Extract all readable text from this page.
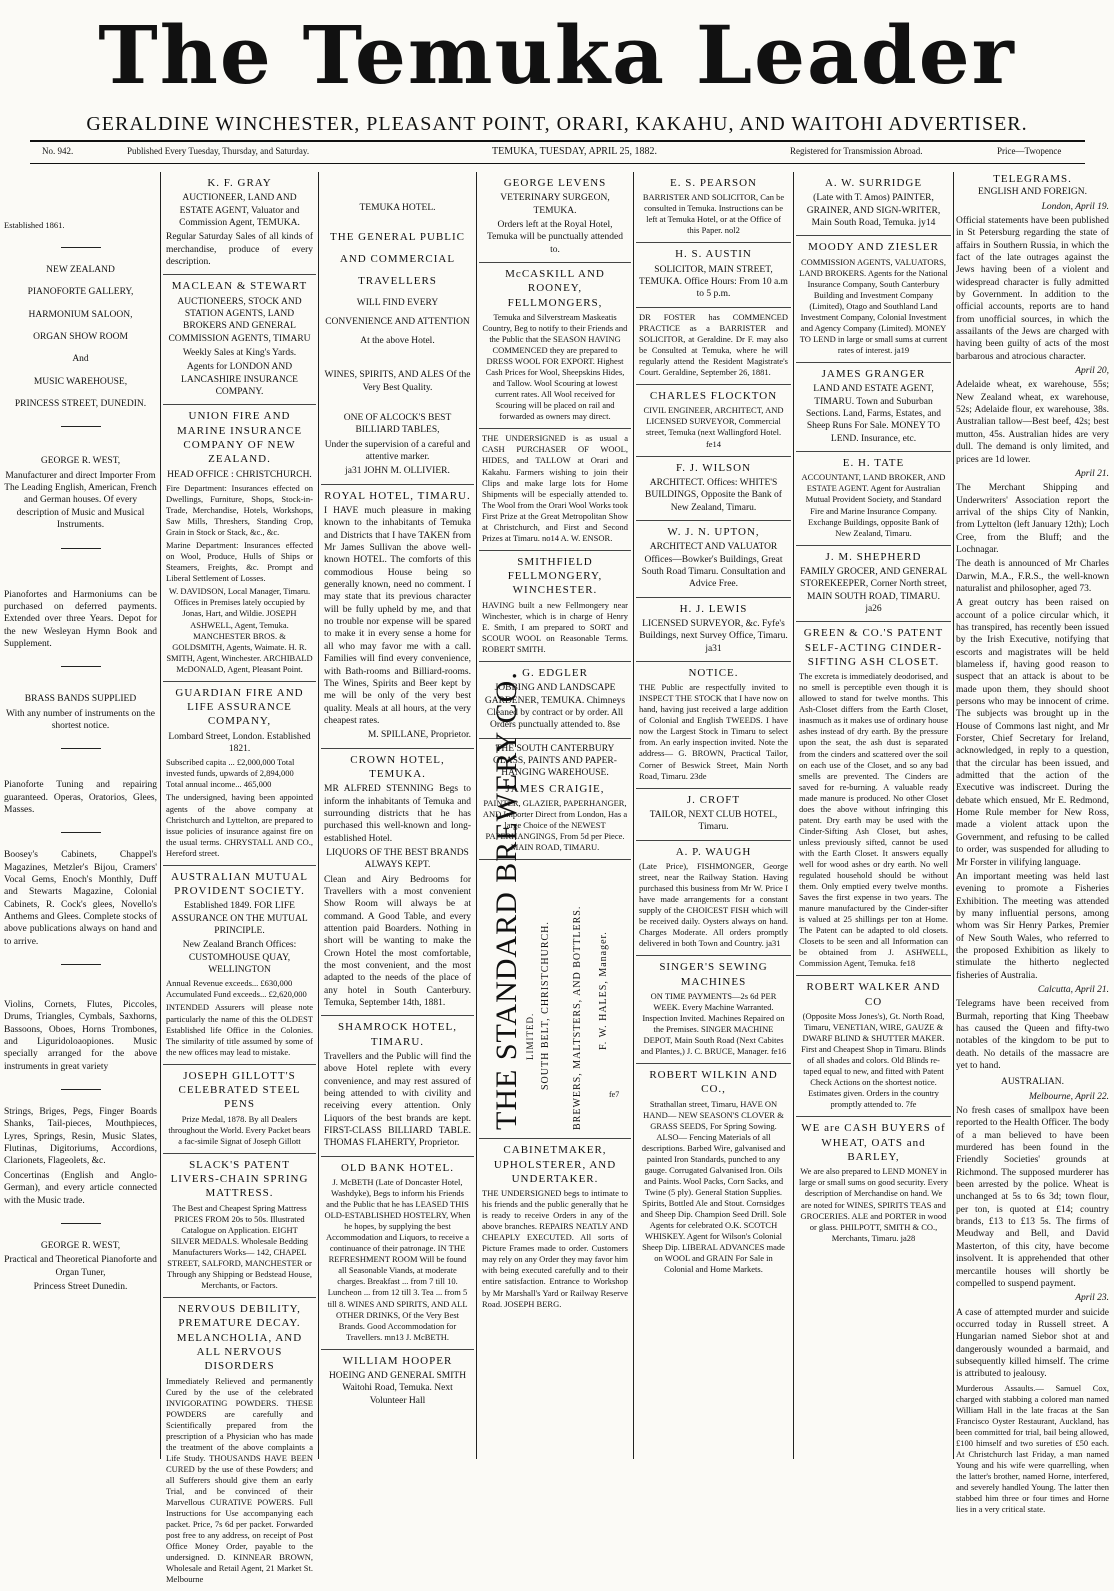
The Temuka Leader
GERALDINE WINCHESTER, PLEASANT POINT, ORARI, KAKAHU, AND WAITOHI ADVERTISER.
No. 942.	Published Every Tuesday, Thursday, and Saturday.	TEMUKA, TUESDAY, APRIL 25, 1882.	Registered for Transmission Abroad.	Price—Twopence
Established 1861.

NEW ZEALAND

PIANOFORTE GALLERY,

HARMONIUM SALOON,

ORGAN SHOW ROOM

And

MUSIC WAREHOUSE,

PRINCESS STREET, DUNEDIN.

GEORGE R. WEST,

Manufacturer and direct Importer From The Leading English, American, French and German houses. Of every description of Music and Musical Instruments.

Pianofortes and Harmoniums can be purchased on deferred payments. Extended over three Years. Depot for the new Wesleyan Hymn Book and Supplement.

BRASS BANDS SUPPLIED

With any number of instruments on the shortest notice.

Pianoforte Tuning and repairing guaranteed. Operas, Oratorios, Glees, Masses.

Boosey's Cabinets, Chappel's Magazines, Metzler's Bijou, Cramers' Vocal Gems, Enoch's Monthly, Duff and Stewarts Magazine, Colonial Cabinets, R. Cock's glees, Novello's Anthems and Glees. Complete stocks of above publications always on hand and to arrive.

Violins, Cornets, Flutes, Piccoles, Drums, Triangles, Cymbals, Saxhorns, Bassoons, Oboes, Horns Trombones, and Liguridoloaopiones. Music specially arranged for the above instruments in great variety

Strings, Briges, Pegs, Finger Boards Shanks, Tail-pieces, Mouthpieces, Lyres, Springs, Resin, Music Slates, Flutinas, Digitoriums, Accordions, Clarionets, Flageolets, &c.

Concertinas (English and Anglo-German), and every article connected with the Music trade.

GEORGE R. WEST,

Practical and Theoretical Pianoforte and Organ Tuner,

Princess Street Dunedin.

K. F. GRAY

AUCTIONEER, LAND AND ESTATE AGENT, Valuator and Commission Agent, TEMUKA.

Regular Saturday Sales of all kinds of merchandise, produce of every description.

MACLEAN & STEWART

AUCTIONEERS, STOCK AND STATION AGENTS, LAND BROKERS AND GENERAL COMMISSION AGENTS, TIMARU

Weekly Sales at King's Yards.

Agents for LONDON AND LANCASHIRE INSURANCE COMPANY.

UNION FIRE AND MARINE INSURANCE COMPANY OF NEW ZEALAND.

HEAD OFFICE : CHRISTCHURCH.

Fire Department: Insurances effected on Dwellings, Furniture, Shops, Stock-in-Trade, Merchandise, Hotels, Workshops, Saw Mills, Threshers, Standing Crop, Grain in Stock or Stack, &c., &c.

Marine Department: Insurances effected on Wool, Produce, Hulls of Ships or Steamers, Freights, &c. Prompt and Liberal Settlement of Losses.

W. DAVIDSON, Local Manager, Timaru. Offices in Premises lately occupied by Jonas, Hart, and Wildie. JOSEPH ASHWELL, Agent, Temuka. MANCHESTER BROS. & GOLDSMITH, Agents, Waimate. H. R. SMITH, Agent, Winchester. ARCHIBALD McDONALD, Agent, Pleasant Point.

GUARDIAN FIRE AND LIFE ASSURANCE COMPANY,

Lombard Street, London. Established 1821.

Subscribed capita ... £2,000,000 Total invested funds, upwards of 2,894,000 Total annual income... 465,000

The undersigned, having been appointed agents of the above company at Christchurch and Lyttelton, are prepared to issue policies of insurance against fire on the usual terms. CHRYSTALL AND CO., Hereford street.

AUSTRALIAN MUTUAL PROVIDENT SOCIETY.

Established 1849. FOR LIFE ASSURANCE ON THE MUTUAL PRINCIPLE.

New Zealand Branch Offices: CUSTOMHOUSE QUAY, WELLINGTON

Annual Revenue exceeds... £630,000 Accumulated Fund exceeds... £2,620,000

INTENDED Assurers will please note particularly the name of this the OLDEST Established life Office in the Colonies. The similarity of title assumed by some of the new offices may lead to mistake.

JOSEPH GILLOTT'S CELEBRATED STEEL PENS

Prize Medal, 1878. By all Dealers throughout the World. Every Packet bears a fac-simile Signat of Joseph Gillott

SLACK'S PATENT LIVERS-CHAIN SPRING MATTRESS.

The Best and Cheapest Spring Mattress PRICES FROM 20s to 50s. Illustrated Catalogue on Application. EIGHT SILVER MEDALS. Wholesale Bedding Manufacturers Works— 142, CHAPEL STREET, SALFORD, MANCHESTER or Through any Shipping or Bedstead House, Merchants, or Factors.

NERVOUS DEBILITY, PREMATURE DECAY. MELANCHOLIA, AND ALL NERVOUS DISORDERS

Immediately Relieved and permanently Cured by the use of the celebrated INVIGORATING POWDERS. THESE POWDERS are carefully and Scientifically prepared from the prescription of a Physician who has made the treatment of the above complaints a Life Study. THOUSANDS HAVE BEEN CURED by the use of these Powders; and all Sufferers should give them an early Trial, and be convinced of their Marvellous CURATIVE POWERS. Full Instructions for Use accompanying each packet. Price, 7s 6d per packet. Forwarded post free to any address, on receipt of Post Office Money Order, payable to the undersigned. D. KINNEAR BROWN, Wholesale and Retail Agent, 21 Market St. Melbourne

TEMUKA HOTEL.

THE GENERAL PUBLIC AND COMMERCIAL TRAVELLERS

WILL FIND EVERY CONVENIENCE AND ATTENTION At the above Hotel.

WINES, SPIRITS, AND ALES Of the Very Best Quality.

ONE OF ALCOCK'S BEST BILLIARD TABLES,

Under the supervision of a careful and attentive marker.

ja31 JOHN M. OLLIVIER.

ROYAL HOTEL, TIMARU.

I HAVE much pleasure in making known to the inhabitants of Temuka and Districts that I have TAKEN from Mr James Sullivan the above well-known HOTEL. The comforts of this commodious House being so generally known, need no comment. I may state that its previous character will be fully upheld by me, and that no trouble nor expense will be spared to make it in every sense a home for all who may favor me with a call. Families will find every convenience, with Bath-rooms and Billiard-rooms. The Wines, Spirits and Beer kept by me will be only of the very best quality. Meals at all hours, at the very cheapest rates.

M. SPILLANE, Proprietor.

CROWN HOTEL, TEMUKA.

MR ALFRED STENNING Begs to inform the inhabitants of Temuka and surrounding districts that he has purchased this well-known and long-established Hotel.

LIQUORS OF THE BEST BRANDS ALWAYS KEPT.

Clean and Airy Bedrooms for Travellers with a most convenient Show Room will always be at command. A Good Table, and every attention paid Boarders. Nothing in short will be wanting to make the Crown Hotel the most comfortable, the most convenient, and the most adapted to the needs of the place of any hotel in South Canterbury. Temuka, September 14th, 1881.

SHAMROCK HOTEL, TIMARU.

Travellers and the Public will find the above Hotel replete with every convenience, and may rest assured of being attended to with civility and receiving every attention. Only Liquors of the best brands are kept. FIRST-CLASS BILLIARD TABLE. THOMAS FLAHERTY, Proprietor.

OLD BANK HOTEL.

J. McBETH (Late of Doncaster Hotel, Washdyke), Begs to inform his Friends and the Public that he has LEASED THIS OLD-ESTABLISHED HOSTELRY, When he hopes, by supplying the best Accommodation and Liquors, to receive a continuance of their patronage. IN THE REFRESHMENT ROOM Will be found all Seasonable Viands, at moderate charges. Breakfast ... from 7 till 10. Luncheon ... from 12 till 3. Tea ... from 5 till 8. WINES AND SPIRITS, AND ALL OTHER DRINKS, Of the Very Best Brands. Good Accommodation for Travellers. mn13 J. McBETH.

WILLIAM HOOPER

HOEING AND GENERAL SMITH Waitohi Road, Temuka. Next Volunteer Hall

GEORGE LEVENS

VETERINARY SURGEON, TEMUKA.

Orders left at the Royal Hotel, Temuka will be punctually attended to.

McCASKILL AND ROONEY, FELLMONGERS,

Temuka and Silverstream Maskeatis Country, Beg to notify to their Friends and the Public that the SEASON HAVING COMMENCED they are prepared to DRESS WOOL FOR EXPORT. Highest Cash Prices for Wool, Sheepskins Hides, and Tallow. Wool Scouring at lowest current rates. All Wool received for Scouring will be placed on rail and forwarded as owners may direct.

THE UNDERSIGNED is as usual a CASH PURCHASER OF WOOL, HIDES, and TALLOW at Orari and Kakahu. Farmers wishing to join their Clips and make large lots for Home Shipments will be especially attended to. The Wool from the Orari Wool Works took First Prize at the Great Metropolitan Show at Christchurch, and First and Second Prizes at Timaru. no14 A. W. ENSOR.

SMITHFIELD FELLMONGERY, WINCHESTER.

HAVING built a new Fellmongery near Winchester, which is in charge of Henry E. Smith, I am prepared to SORT and SCOUR WOOL on Reasonable Terms. ROBERT SMITH.

G. EDGLER

JOBBING AND LANDSCAPE GARDENER, TEMUKA. Chimneys Cleaned by contract or by order. All Orders punctually attended to. 8se

THE SOUTH CANTERBURY GLASS, PAINTS AND PAPER-HANGING WAREHOUSE.

JAMES CRAIGIE,

PAINTER, GLAZIER, PAPERHANGER, AND Importer Direct from London, Has a large Choice of the NEWEST PAPERHANGINGS, From 5d per Piece. MAIN ROAD, TIMARU.

THE STANDARD BREWERY CO. LIMITED. SOUTH BELT, CHRISTCHURCH. BREWERS, MALTSTERS, AND BOTTLERS. F. W. HALES, Manager.
fe7
CABINETMAKER, UPHOLSTERER, AND UNDERTAKER.

THE UNDERSIGNED begs to intimate to his friends and the public generally that he is ready to receive Orders in any of the above branches. REPAIRS NEATLY AND CHEAPLY EXECUTED. All sorts of Picture Frames made to order. Customers may rely on any Order they may favor him with being executed carefully and to their entire satisfaction. Entrance to Workshop by Mr Marshall's Yard or Railway Reserve Road. JOSEPH BERG.

E. S. PEARSON

BARRISTER AND SOLICITOR, Can be consulted in Temuka. Instructions can be left at Temuka Hotel, or at the Office of this Paper. nol2

H. S. AUSTIN

SOLICITOR, MAIN STREET, TEMUKA. Office Hours: From 10 a.m to 5 p.m.

DR FOSTER has COMMENCED PRACTICE as a BARRISTER and SOLICITOR, at Geraldine. Dr F. may also be Consulted at Temuka, where he will regularly attend the Resident Magistrate's Court. Geraldine, September 26, 1881.

CHARLES FLOCKTON

CIVIL ENGINEER, ARCHITECT, AND LICENSED SURVEYOR, Commercial street, Temuka (next Wallingford Hotel. fe14

F. J. WILSON

ARCHITECT. Offices: WHITE'S BUILDINGS, Opposite the Bank of New Zealand, Timaru.

W. J. N. UPTON,

ARCHITECT AND VALUATOR Offices—Bowker's Buildings, Great South Road Timaru. Consultation and Advice Free.

H. J. LEWIS

LICENSED SURVEYOR, &c. Fyfe's Buildings, next Survey Office, Timaru. ja31

NOTICE.

THE Public are respectfully invited to INSPECT THE STOCK that I have now on hand, having just received a large addition of Colonial and English TWEEDS. I have now the Largest Stock in Timaru to select from. An early inspection invited. Note the address— G. BROWN, Practical Tailor, Corner of Beswick Street, Main North Road, Timaru. 23de

J. CROFT

TAILOR, NEXT CLUB HOTEL, Timaru.

A. P. WAUGH

(Late Price), FISHMONGER, George street, near the Railway Station. Having purchased this business from Mr W. Price I have made arrangements for a constant supply of the CHOICEST FISH which will be received daily. Oysters always on hand. Charges Moderate. All orders promptly delivered in both Town and Country. ja31

SINGER'S SEWING MACHINES

ON TIME PAYMENTS—2s 6d PER WEEK. Every Machine Warranted. Inspection Invited. Machines Repaired on the Premises. SINGER MACHINE DEPOT, Main South Road (Next Cabites and Plantes,) J. C. BRUCE, Manager. fe16

ROBERT WILKIN AND CO.,

Strathallan street, Timaru, HAVE ON HAND— NEW SEASON'S CLOVER & GRASS SEEDS, For Spring Sowing. ALSO— Fencing Materials of all descriptions. Barbed Wire, galvanised and painted Iron Standards, punched to any gauge. Corrugated Galvanised Iron. Oils and Paints. Wool Packs, Corn Sacks, and Twine (5 ply). General Station Supplies. Spirits, Bottled Ale and Stout. Cornsidges and Sheep Dip. Champion Seed Drill. Sole Agents for celebrated O.K. SCOTCH WHISKEY. Agent for Wilson's Colonial Sheep Dip. LIBERAL ADVANCES made on WOOL and GRAIN For Sale in Colonial and Home Markets.

A. W. SURRIDGE

(Late with T. Amos) PAINTER, GRAINER, AND SIGN-WRITER, Main South Road, Temuka. jy14

MOODY AND ZIESLER

COMMISSION AGENTS, VALUATORS, LAND BROKERS. Agents for the National Insurance Company, South Canterbury Building and Investment Company (Limited), Otago and Southland Land Investment Company, Colonial Investment and Agency Company (Limited). MONEY TO LEND in large or small sums at current rates of interest. ja19

JAMES GRANGER

LAND AND ESTATE AGENT, TIMARU. Town and Suburban Sections. Land, Farms, Estates, and Sheep Runs For Sale. MONEY TO LEND. Insurance, etc.

E. H. TATE

ACCOUNTANT, LAND BROKER, AND ESTATE AGENT. Agent for Australian Mutual Provident Society, and Standard Fire and Marine Insurance Company. Exchange Buildings, opposite Bank of New Zealand, Timaru.

J. M. SHEPHERD

FAMILY GROCER, AND GENERAL STOREKEEPER, Corner North street, MAIN SOUTH ROAD, TIMARU. ja26

GREEN & CO.'S PATENT SELF-ACTING CINDER-SIFTING ASH CLOSET.

The excreta is immediately deodorised, and no smell is perceptible even though it is allowed to stand for twelve months. This Ash-Closet differs from the Earth Closet, inasmuch as it makes use of ordinary house ashes instead of dry earth. By the pressure upon the seat, the ash dust is separated from the cinders and scattered over the soil on each use of the Closet, and so any bad smells are prevented. The Cinders are saved for re-burning. A valuable ready made manure is produced. No other Closet does the above without infringing this patent. Dry earth may be used with the Cinder-Sifting Ash Closet, but ashes, unless previously sifted, cannot be used with the Earth Closet. It answers equally well for wood ashes or dry earth. No well regulated household should be without them. Only emptied every twelve months. Saves the first expense in two years. The manure manufactured by the Cinder-sifter is valued at 25 shillings per ton at Home. The Patent can be adapted to old closets. Closets to be seen and all Information can be obtained from J. ASHWELL, Commission Agent, Temuka. fe18

ROBERT WALKER AND CO

(Opposite Moss Jones's), Gt. North Road, Timaru, VENETIAN, WIRE, GAUZE & DWARF BLIND & SHUTTER MAKER. First and Cheapest Shop in Timaru. Blinds of all shades and colors. Old Blinds re-taped equal to new, and fitted with Patent Check Actions on the shortest notice. Estimates given. Orders in the country promptly attended to. 7fe

WE are CASH BUYERS of WHEAT, OATS and BARLEY,

We are also prepared to LEND MONEY in large or small sums on good security. Every description of Merchandise on hand. We are noted for WINES, SPIRITS TEAS and GROCERIES. ALE and PORTER in wood or glass. PHILPOTT, SMITH & CO., Merchants, Timaru. ja28

TELEGRAMS.
ENGLISH AND FOREIGN.

London, April 19.

Official statements have been published in St Petersburg regarding the state of affairs in Southern Russia, in which the fact of the late outrages against the Jews having been of a violent and widespread character is fully admitted by Government. In addition to the official accounts, reports are to hand from unofficial sources, in which the assailants of the Jews are charged with having been guilty of acts of the most barbarous and atrocious character.

April 20,

Adelaide wheat, ex warehouse, 55s; New Zealand wheat, ex warehouse, 52s; Adelaide flour, ex warehouse, 38s. Australian tallow—Best beef, 42s; best mutton, 45s. Australian hides are very dull. The demand is only limited, and prices are 1d lower.

April 21.

The Merchant Shipping and Underwriters' Association report the arrival of the ships City of Nankin, from Lyttelton (left January 12th); Loch Cree, from the Bluff; and the Lochnagar.

The death is announced of Mr Charles Darwin, M.A., F.R.S., the well-known naturalist and philosopher, aged 73.

A great outcry has been raised on account of a police circular which, it has transpired, has recently been issued by the Irish Executive, notifying that escorts and magistrates will be held blameless if, having good reason to suspect that an attack is about to be made upon them, they should shoot persons who may be innocent of crime. The subjects was brought up in the House of Commons last night, and Mr Forster, Chief Secretary for Ireland, acknowledged, in reply to a question, that the circular has been issued, and admitted that the action of the Executive was indiscreet. During the debate which ensued, Mr E. Redmond, Home Rule member for New Ross, made a violent attack upon the Government, and refusing to be called to order, was suspended for alluding to Mr Forster in vilifying language.

An important meeting was held last evening to promote a Fisheries Exhibition. The meeting was attended by many influential persons, among whom was Sir Henry Parkes, Premier of New South Wales, who referred to the proposed Exhibition as likely to stimulate the hitherto neglected fisheries of Australia.

Calcutta, April 21.

Telegrams have been received from Burmah, reporting that King Theebaw has caused the Queen and fifty-two notables of the kingdom to be put to death. No details of the massacre are yet to hand.

AUSTRALIAN.

Melbourne, April 22.

No fresh cases of smallpox have been reported to the Health Officer. The body of a man believed to have been murdered has been found in the Friendly Societies' grounds at Richmond. The supposed murderer has been arrested by the police. Wheat is unchanged at 5s to 6s 3d; town flour, per ton, is quoted at £14; country brands, £13 to £13 5s. The firms of Meudway and Bell, and David Masterton, of this city, have become insolvent. It is apprehended that other mercantile houses will shortly be compelled to suspend payment.

April 23.

A case of attempted murder and suicide occurred today in Russell street. A Hungarian named Siebor shot at and dangerously wounded a barmaid, and subsequently killed himself. The crime is attributed to jealousy.

Murderous Assaults.— Samuel Cox, charged with stabbing a colored man named William Hall in the late fracas at the San Francisco Oyster Restaurant, Auckland, has been committed for trial, bail being allowed, £100 himself and two sureties of £50 each. At Christchurch last Friday, a man named Young and his wife were quarrelling, when the latter's brother, named Horne, interfered, and severely handled Young. The latter then stabbed him three or four times and Horne lies in a very critical state.
